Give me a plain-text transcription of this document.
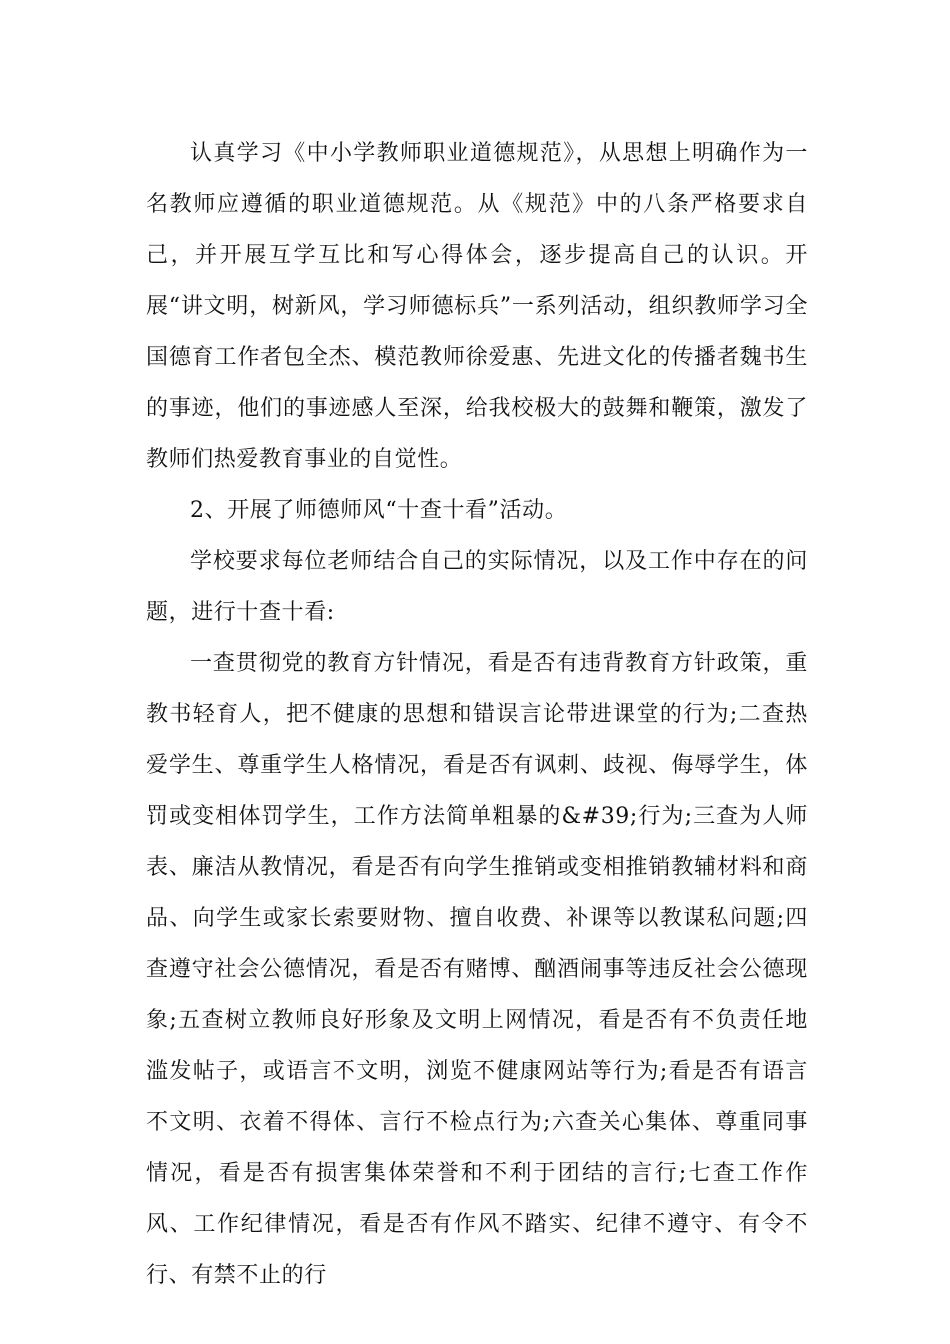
认真学习《中小学教师职业道德规范》，从思想上明确作为一名教师应遵循的职业道德规范。从《规范》中的八条严格要求自己，并开展互学互比和写心得体会，逐步提高自己的认识。开展“讲文明，树新风，学习师德标兵”一系列活动，组织教师学习全国德育工作者包全杰、模范教师徐爱惠、先进文化的传播者魏书生的事迹，他们的事迹感人至深，给我校极大的鼓舞和鞭策，激发了教师们热爱教育事业的自觉性。

2、开展了师德师风“十查十看”活动。

学校要求每位老师结合自己的实际情况，以及工作中存在的问题，进行十查十看:

一查贯彻党的教育方针情况，看是否有违背教育方针政策，重教书轻育人，把不健康的思想和错误言论带进课堂的行为;二查热爱学生、尊重学生人格情况，看是否有讽刺、歧视、侮辱学生，体罚或变相体罚学生，工作方法简单粗暴的&#39;行为;三查为人师表、廉洁从教情况，看是否有向学生推销或变相推销教辅材料和商品、向学生或家长索要财物、擅自收费、补课等以教谋私问题;四查遵守社会公德情况，看是否有赌博、酗酒闹事等违反社会公德现象;五查树立教师良好形象及文明上网情况，看是否有不负责任地滥发帖子，或语言不文明，浏览不健康网站等行为;看是否有语言不文明、衣着不得体、言行不检点行为;六查关心集体、尊重同事情况，看是否有损害集体荣誉和不利于团结的言行;七查工作作风、工作纪律情况，看是否有作风不踏实、纪律不遵守、有令不行、有禁不止的行
